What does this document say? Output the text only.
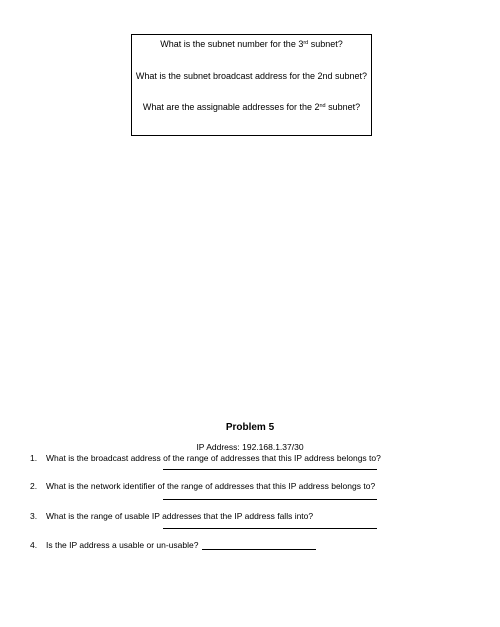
What is the subnet number for the 3rd subnet?
What is the subnet broadcast address for the 2nd subnet?
What are the assignable addresses for the 2nd subnet?
Problem 5
IP Address: 192.168.1.37/30
1. What is the broadcast address of the range of addresses that this IP address belongs to?
2. What is the network identifier of the range of addresses that this IP address belongs to?
3. What is the range of usable IP addresses that the IP address falls into?
4. Is the IP address a usable or un-usable?
